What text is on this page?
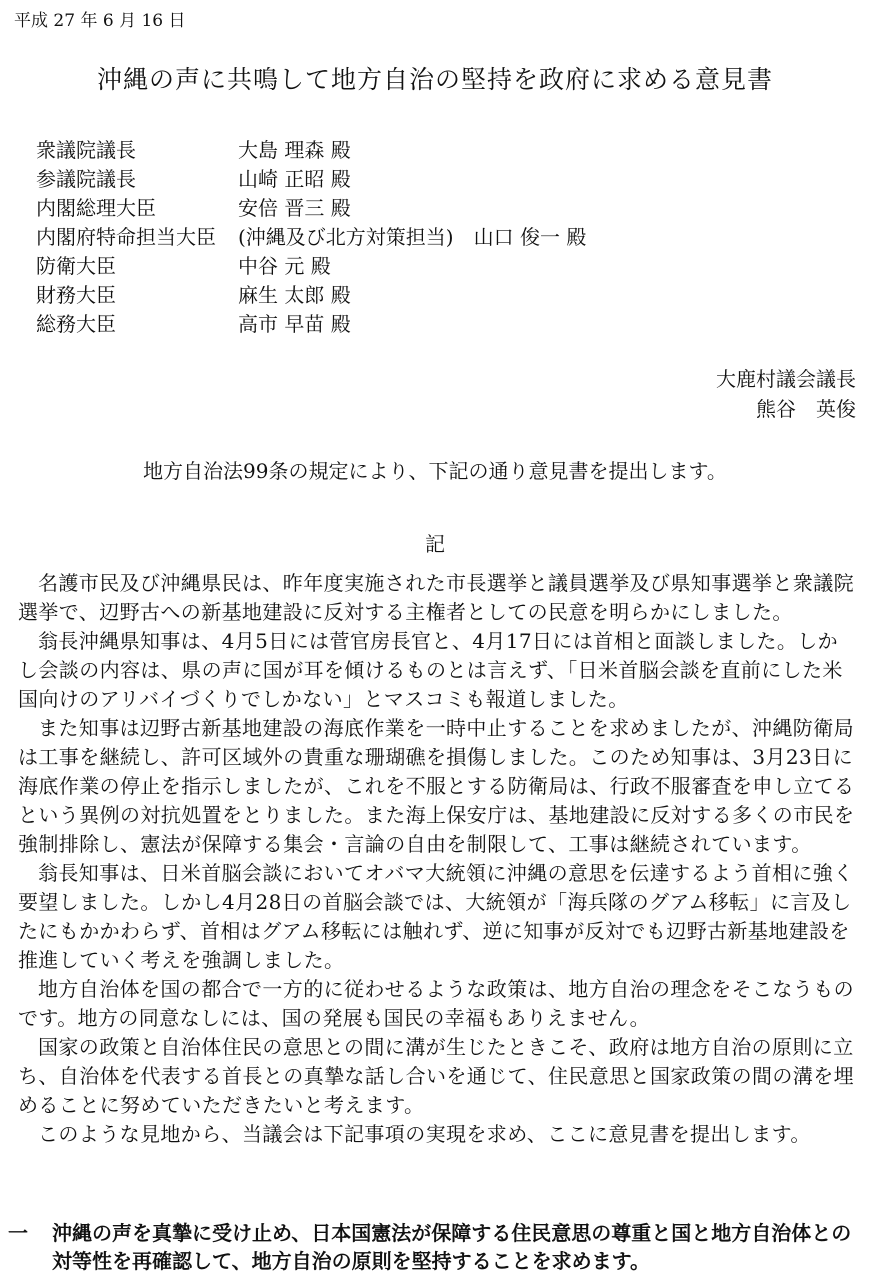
平成 27 年 6 月 16 日
沖縄の声に共鳴して地方自治の堅持を政府に求める意見書
衆議院議長	大島 理森 殿
参議院議長	山崎 正昭 殿
内閣総理大臣	安倍 晋三 殿
内閣府特命担当大臣 (沖縄及び北方対策担当)　山口 俊一 殿
防衛大臣	中谷 元 殿
財務大臣	麻生 太郎 殿
総務大臣	高市 早苗 殿
大鹿村議会議長
熊谷　英俊
地方自治法99条の規定により、下記の通り意見書を提出します。
記

名護市民及び沖縄県民は、昨年度実施された市長選挙と議員選挙及び県知事選挙と衆議院選挙で、辺野古への新基地建設に反対する主権者としての民意を明らかにしました。

翁長沖縄県知事は、4月5日には菅官房長官と、4月17日には首相と面談しました。しかし会談の内容は、県の声に国が耳を傾けるものとは言えず、「日米首脳会談を直前にした米国向けのアリバイづくりでしかない」とマスコミも報道しました。

また知事は辺野古新基地建設の海底作業を一時中止することを求めましたが、沖縄防衛局は工事を継続し、許可区域外の貴重な珊瑚礁を損傷しました。このため知事は、3月23日に海底作業の停止を指示しましたが、これを不服とする防衛局は、行政不服審査を申し立てるという異例の対抗処置をとりました。また海上保安庁は、基地建設に反対する多くの市民を強制排除し、憲法が保障する集会・言論の自由を制限して、工事は継続されています。

翁長知事は、日米首脳会談においてオバマ大統領に沖縄の意思を伝達するよう首相に強く要望しました。しかし4月28日の首脳会談では、大統領が「海兵隊のグアム移転」に言及したにもかかわらず、首相はグアム移転には触れず、逆に知事が反対でも辺野古新基地建設を推進していく考えを強調しました。

地方自治体を国の都合で一方的に従わせるような政策は、地方自治の理念をそこなうものです。地方の同意なしには、国の発展も国民の幸福もありえません。

国家の政策と自治体住民の意思との間に溝が生じたときこそ、政府は地方自治の原則に立ち、自治体を代表する首長との真摯な話し合いを通じて、住民意思と国家政策の間の溝を埋めることに努めていただきたいと考えます。

このような見地から、当議会は下記事項の実現を求め、ここに意見書を提出します。

一 沖縄の声を真摯に受け止め、日本国憲法が保障する住民意思の尊重と国と地方自治体との対等性を再確認して、地方自治の原則を堅持することを求めます。
